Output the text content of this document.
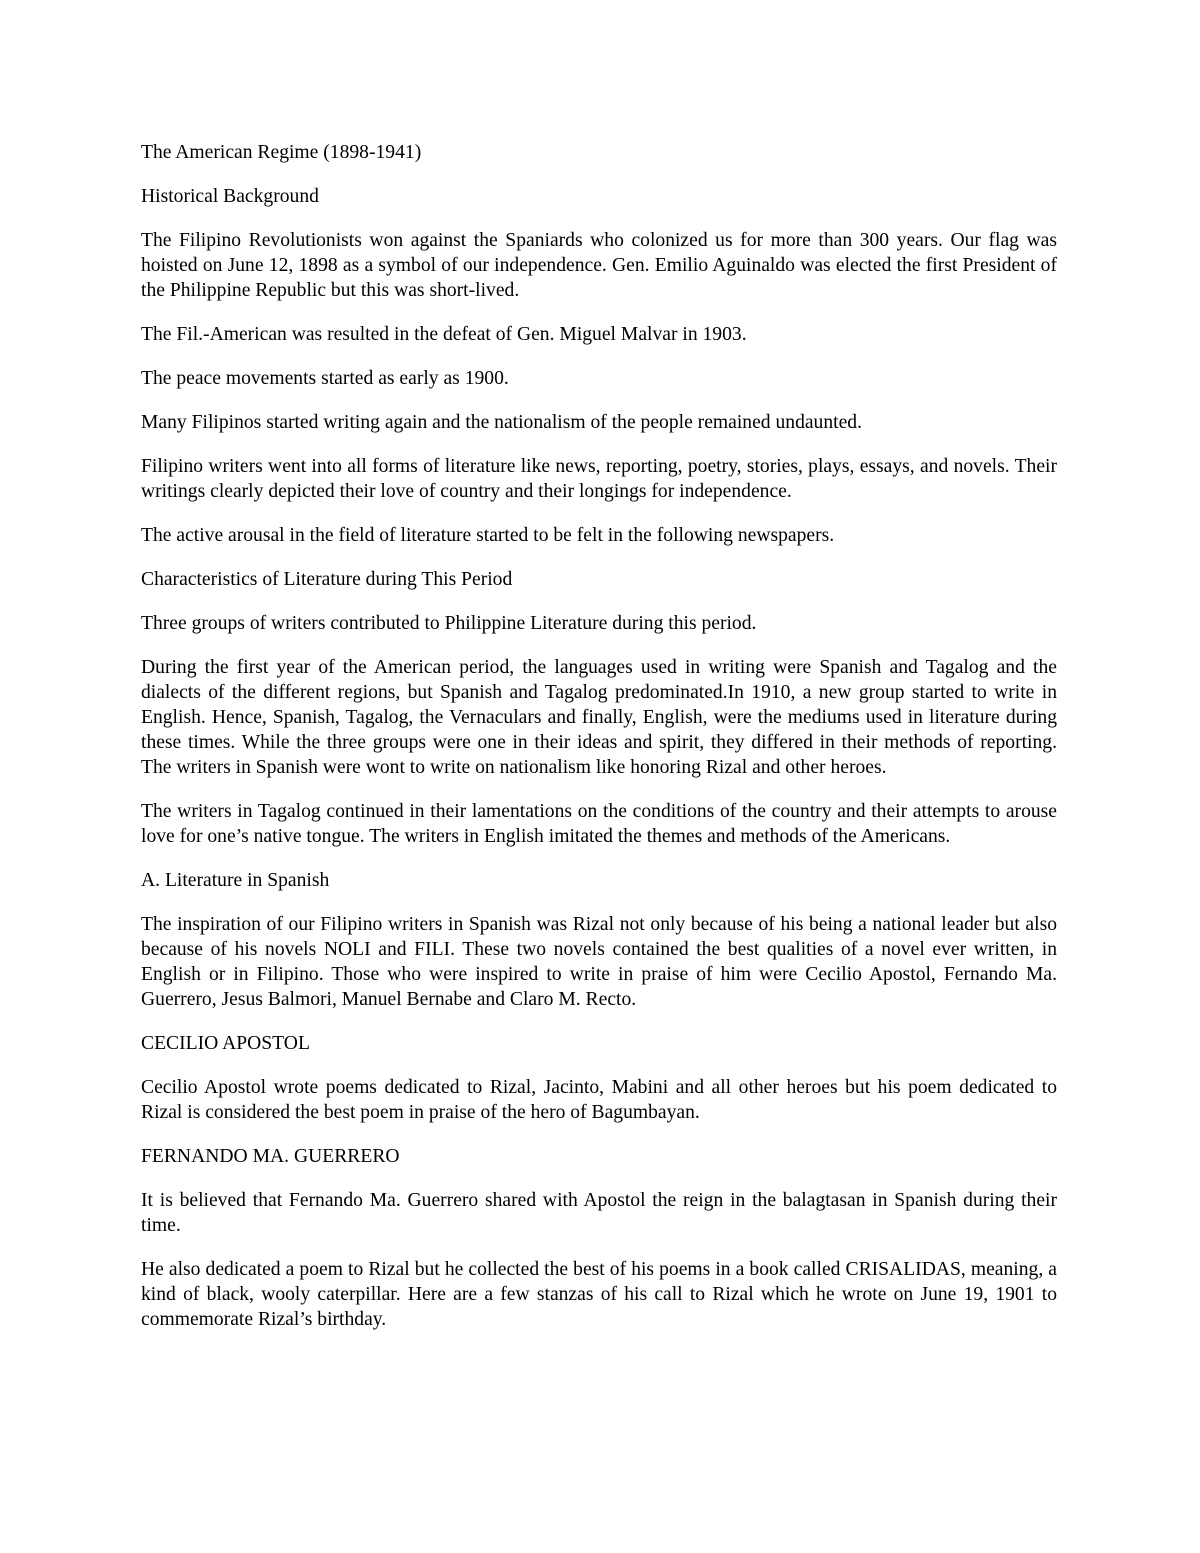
The American Regime (1898-1941)

Historical Background

The Filipino Revolutionists won against the Spaniards who colonized us for more than 300 years. Our flag was hoisted on June 12, 1898 as a symbol of our independence. Gen. Emilio Aguinaldo was elected the first President of the Philippine Republic but this was short-lived.

The Fil.-American was resulted in the defeat of Gen. Miguel Malvar in 1903.

The peace movements started as early as 1900.

Many Filipinos started writing again and the nationalism of the people remained undaunted.

Filipino writers went into all forms of literature like news, reporting, poetry, stories, plays, essays, and novels. Their writings clearly depicted their love of country and their longings for independence.

The active arousal in the field of literature started to be felt in the following newspapers.

Characteristics of Literature during This Period

Three groups of writers contributed to Philippine Literature during this period.

During the first year of the American period, the languages used in writing were Spanish and Tagalog and the dialects of the different regions, but Spanish and Tagalog predominated.In 1910, a new group started to write in English. Hence, Spanish, Tagalog, the Vernaculars and finally, English, were the mediums used in literature during these times. While the three groups were one in their ideas and spirit, they differed in their methods of reporting. The writers in Spanish were wont to write on nationalism like honoring Rizal and other heroes.

The writers in Tagalog continued in their lamentations on the conditions of the country and their attempts to arouse love for one’s native tongue. The writers in English imitated the themes and methods of the Americans.

A. Literature in Spanish

The inspiration of our Filipino writers in Spanish was Rizal not only because of his being a national leader but also because of his novels NOLI and FILI. These two novels contained the best qualities of a novel ever written, in English or in Filipino. Those who were inspired to write in praise of him were Cecilio Apostol, Fernando Ma. Guerrero, Jesus Balmori, Manuel Bernabe and Claro M. Recto.

CECILIO APOSTOL

Cecilio Apostol wrote poems dedicated to Rizal, Jacinto, Mabini and all other heroes but his poem dedicated to Rizal is considered the best poem in praise of the hero of Bagumbayan.

FERNANDO MA. GUERRERO

It is believed that Fernando Ma. Guerrero shared with Apostol the reign in the balagtasan in Spanish during their time.

He also dedicated a poem to Rizal but he collected the best of his poems in a book called CRISALIDAS, meaning, a kind of black, wooly caterpillar. Here are a few stanzas of his call to Rizal which he wrote on June 19, 1901 to commemorate Rizal’s birthday.
